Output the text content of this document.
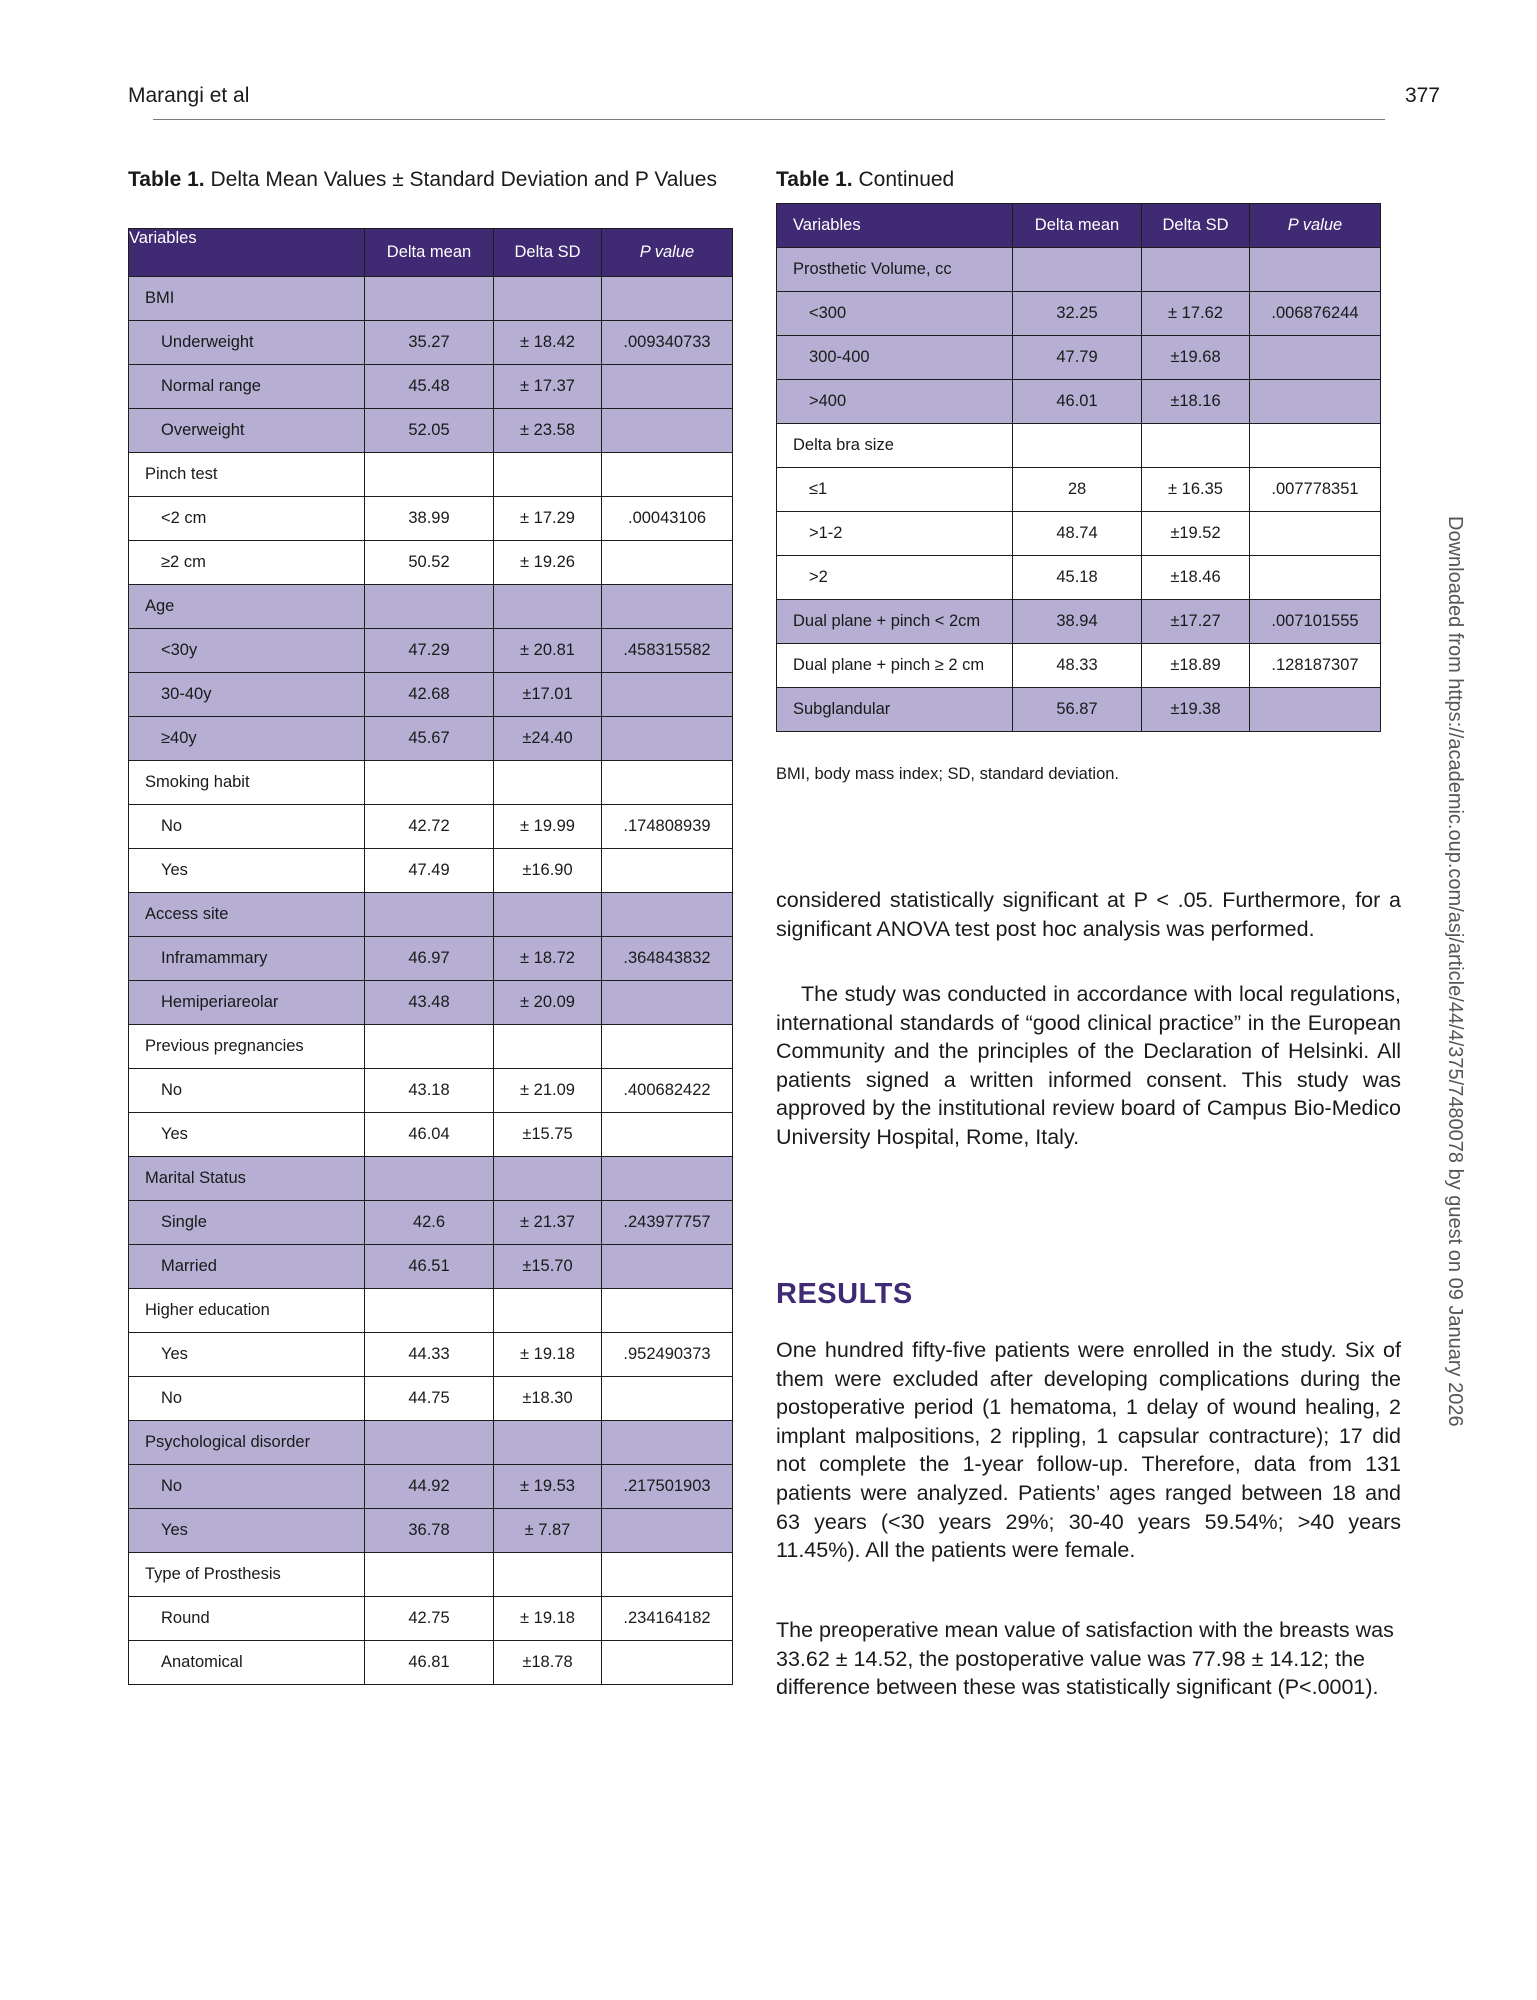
Marangi et al	377
Table 1. Delta Mean Values ± Standard Deviation and P Values
Variables	Delta mean	Delta SD	P value
BMI			
Underweight	35.27	± 18.42	.009340733
Normal range	45.48	± 17.37	
Overweight	52.05	± 23.58	
Pinch test			
<2 cm	38.99	± 17.29	.00043106
≥2 cm	50.52	± 19.26	
Age			
<30y	47.29	± 20.81	.458315582
30-40y	42.68	±17.01	
≥40y	45.67	±24.40	
Smoking habit			
No	42.72	± 19.99	.174808939
Yes	47.49	±16.90	
Access site			
Inframammary	46.97	± 18.72	.364843832
Hemiperiareolar	43.48	± 20.09	
Previous pregnancies			
No	43.18	± 21.09	.400682422
Yes	46.04	±15.75	
Marital Status			
Single	42.6	± 21.37	.243977757
Married	46.51	±15.70	
Higher education			
Yes	44.33	± 19.18	.952490373
No	44.75	±18.30	
Psychological disorder			
No	44.92	± 19.53	.217501903
Yes	36.78	± 7.87	
Type of Prosthesis			
Round	42.75	± 19.18	.234164182
Anatomical	46.81	±18.78	
Table 1. Continued
Variables	Delta mean	Delta SD	P value
Prosthetic Volume, cc			
<300	32.25	± 17.62	.006876244
300-400	47.79	±19.68	
>400	46.01	±18.16	
Delta bra size			
≤1	28	± 16.35	.007778351
>1-2	48.74	±19.52	
>2	45.18	±18.46	
Dual plane + pinch < 2cm	38.94	±17.27	.007101555
Dual plane + pinch ≥ 2 cm	48.33	±18.89	.128187307
Subglandular	56.87	±19.38	
BMI, body mass index; SD, standard deviation.

considered statistically significant at P < .05. Furthermore, for a significant ANOVA test post hoc analysis was performed.

The study was conducted in accordance with local regulations, international standards of “good clinical practice” in the European Community and the principles of the Declaration of Helsinki. All patients signed a written informed consent. This study was approved by the institutional review board of Campus Bio-Medico University Hospital, Rome, Italy.

RESULTS

One hundred fifty-five patients were enrolled in the study. Six of them were excluded after developing complications during the postoperative period (1 hematoma, 1 delay of wound healing, 2 implant malpositions, 2 rippling, 1 capsular contracture); 17 did not complete the 1-year follow-up. Therefore, data from 131 patients were analyzed. Patients’ ages ranged between 18 and 63 years (<30 years 29%; 30-40 years 59.54%; >40 years 11.45%). All the patients were female.

The preoperative mean value of satisfaction with the breasts was 33.62 ± 14.52, the postoperative value was 77.98 ± 14.12; the difference between these was statistically significant (P<.0001).

Downloaded from https://academic.oup.com/asj/article/44/4/375/7480078 by guest on 09 January 2026
